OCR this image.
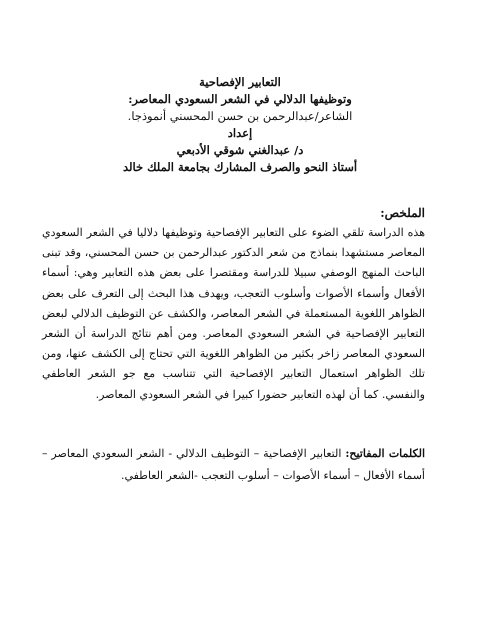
التعابير الإفصاحية
وتوظيفها الدلالي في الشعر السعودي المعاصر:
الشاعر/عبدالرحمن بن حسن المحسني أنموذجا.
إعداد
د/ عبدالغني شوقي الأدبعي
أستاذ النحو والصرف المشارك بجامعة الملك خالد
الملخص:
هذه الدراسة تلقي الضوء على التعابير الإفصاحية وتوظيفها دلاليا في الشعر السعودي المعاصر مستشهدا بنماذج من شعر الدكتور عبدالرحمن بن حسن المحسني، وقد تبنى الباحث المنهج الوصفي سبيلا للدراسة ومقتصرا على بعض هذه التعابير وهي: أسماء الأفعال وأسماء الأصوات وأسلوب التعجب، ويهدف هذا البحث إلى التعرف على بعض الظواهر اللغوية المستعملة في الشعر المعاصر، والكشف عن التوظيف الدلالي لبعض التعابير الإفصاحية في الشعر السعودي المعاصر. ومن أهم نتائج الدراسة أن الشعر السعودي المعاصر زاخر بكثير من الظواهر اللغوية التي تحتاج إلى الكشف عنها، ومن تلك الظواهر استعمال التعابير الإفصاحية التي تتناسب مع جو الشعر العاطفي والنفسي. كما أن لهذه التعابير حضورا كبيرا في الشعر السعودي المعاصر.
الكلمات المفاتيح: التعابير الإفصاحية – التوظيف الدلالي - الشعر السعودي المعاصر – أسماء الأفعال – أسماء الأصوات – أسلوب التعجب -الشعر العاطفي.
